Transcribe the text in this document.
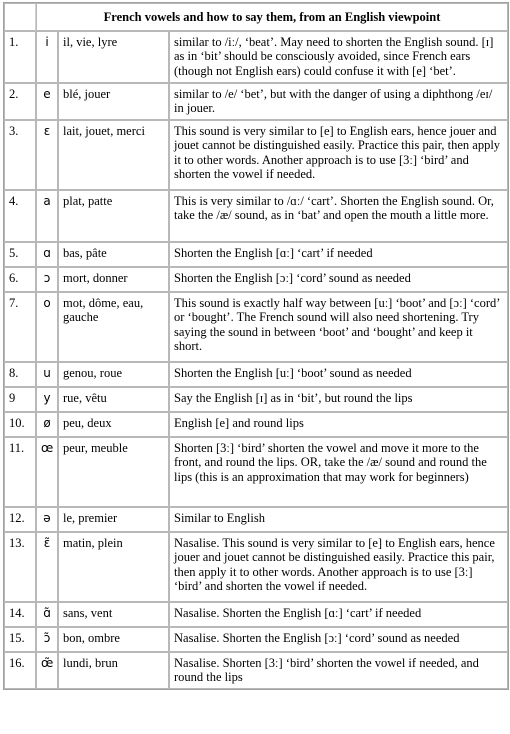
	French vowels and how to say them, from an English viewpoint		
1.	i	il, vie, lyre	similar to /iː/, ‘beat’. May need to shorten the English sound. [ɪ] as in ‘bit’ should be consciously avoided, since French ears (though not English ears) could confuse it with [e] ‘bet’.
2.	e	blé, jouer	similar to /e/ ‘bet’, but with the danger of using a diphthong /eɪ/ in jouer.
3.	ɛ	lait, jouet, merci	This sound is very similar to [e] to English ears, hence jouer and jouet cannot be distinguished easily. Practice this pair, then apply it to other words. Another approach is to use [3ː] ‘bird’ and shorten the vowel if needed.
4.	a	plat, patte	This is very similar to /ɑː/ ‘cart’. Shorten the English sound. Or, take the /æ/ sound, as in ‘bat’ and open the mouth a little more.
5.	ɑ	bas, pâte	Shorten the English [ɑː] ‘cart’ if needed
6.	ɔ	mort, donner	Shorten the English [ɔː] ‘cord’ sound as needed
7.	o	mot, dôme, eau, gauche	This sound is exactly half way between [uː] ‘boot’ and [ɔː] ‘cord’ or ‘bought’. The French sound will also need shortening. Try saying the sound in between ‘boot’ and ‘bought’ and keep it short.
8.	u	genou, roue	Shorten the English [uː] ‘boot’ sound as needed
9	y	rue, vêtu	Say the English [ɪ] as in ‘bit’, but round the lips
10.	ø	peu, deux	English [e] and round lips
11.	œ	peur, meuble	Shorten [3ː] ‘bird’ shorten the vowel and move it more to the front, and round the lips. OR, take the /æ/ sound and round the lips (this is an approximation that may work for beginners)
12.	ə	le, premier	Similar to English
13.	ɛ̃	matin, plein	Nasalise. This sound is very similar to [e] to English ears, hence jouer and jouet cannot be distinguished easily. Practice this pair, then apply it to other words. Another approach is to use [3ː] ‘bird’ and shorten the vowel if needed.
14.	ɑ̃	sans, vent	Nasalise. Shorten the English [ɑː] ‘cart’ if needed
15.	ɔ̃	bon, ombre	Nasalise. Shorten the English [ɔː] ‘cord’ sound as needed
16.	œ̃	lundi, brun	Nasalise. Shorten [3ː] ‘bird’ shorten the vowel if needed, and round the lips
